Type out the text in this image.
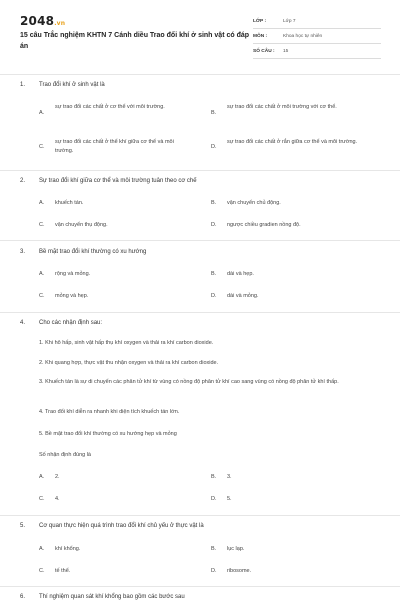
2048.vn
15 câu Trắc nghiệm KHTN 7 Cánh diều Trao đổi khí ở sinh vật có đáp án
LỚP :	Lớp 7
MÔN :	Khoa học tự nhiên
SỐ CÂU :	15
1. Trao đổi khí ở sinh vật là
A.
sự trao đổi các chất ở cơ thể với môi trường.
B.
sự trao đổi các chất ở môi trường với cơ thể.
C.
sự trao đổi các chất ở thể khí giữa cơ thể và môi trường.
D.
sự trao đổi các chất ở rắn giữa cơ thể và môi trường.
2. Sự trao đổi khí giữa cơ thể và môi trường tuân theo cơ chế
A. khuếch tán.	B. vận chuyển chủ động.
C. vận chuyển thụ động.	D. ngược chiều gradien nồng độ.
3. Bề mặt trao đổi khí thường có xu hướng
A. rộng và mỏng.	B. dài và hẹp.
C. mỏng và hẹp.	D. dài và mỏng.
4. Cho các nhận định sau:
1. Khi hô hấp, sinh vật hấp thụ khí oxygen và thải ra khí carbon dioxide.
2. Khi quang hợp, thực vật thu nhận oxygen và thải ra khí carbon dioxide.
3. Khuếch tán là sự di chuyển các phân tử khí từ vùng có nồng độ phân tử khí cao sang vùng có nồng độ phân tử khí thấp.
4. Trao đổi khí diễn ra nhanh khi diện tích khuếch tán lớn.
5. Bề mặt trao đổi khí thường có xu hướng hẹp và mỏng
Số nhận định đúng là
A. 2.	B. 3.
C. 4.	D. 5.
5. Cơ quan thực hiện quá trình trao đổi khí chủ yếu ở thực vật là
A. khí khổng.	B. lục lạp.
C. tế thể.	D. ribosome.
6. Thí nghiệm quan sát khí khổng bao gồm các bước sau
